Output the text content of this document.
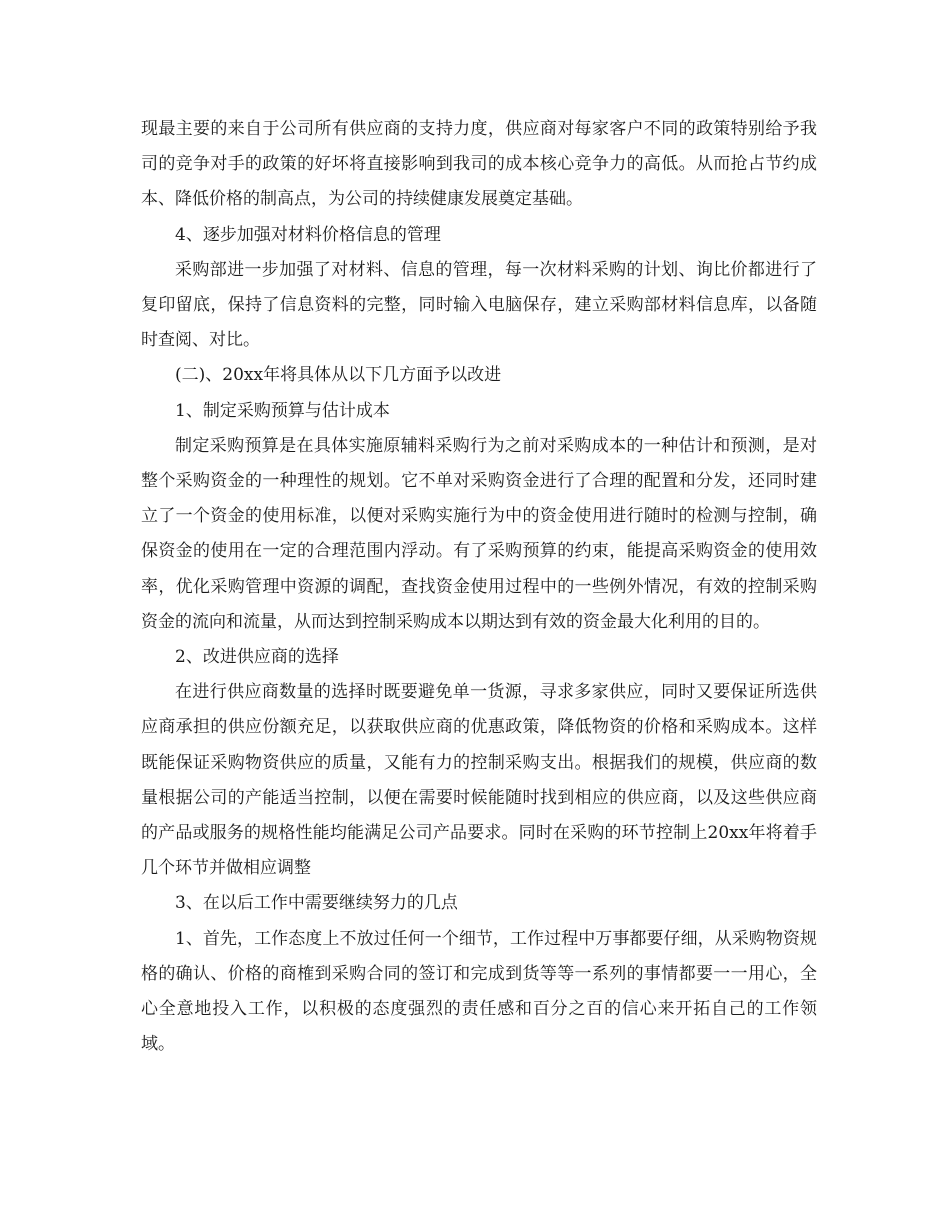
现最主要的来自于公司所有供应商的支持力度，供应商对每家客户不同的政策特别给予我司的竞争对手的政策的好坏将直接影响到我司的成本核心竞争力的高低。从而抢占节约成本、降低价格的制高点，为公司的持续健康发展奠定基础。

4、逐步加强对材料价格信息的管理

采购部进一步加强了对材料、信息的管理，每一次材料采购的计划、询比价都进行了复印留底，保持了信息资料的完整，同时输入电脑保存，建立采购部材料信息库，以备随时查阅、对比。

(二)、20xx年将具体从以下几方面予以改进

1、制定采购预算与估计成本

制定采购预算是在具体实施原辅料采购行为之前对采购成本的一种估计和预测，是对整个采购资金的一种理性的规划。它不单对采购资金进行了合理的配置和分发，还同时建立了一个资金的使用标准，以便对采购实施行为中的资金使用进行随时的检测与控制，确保资金的使用在一定的合理范围内浮动。有了采购预算的约束，能提高采购资金的使用效率，优化采购管理中资源的调配，查找资金使用过程中的一些例外情况，有效的控制采购资金的流向和流量，从而达到控制采购成本以期达到有效的资金最大化利用的目的。

2、改进供应商的选择

在进行供应商数量的选择时既要避免单一货源，寻求多家供应，同时又要保证所选供应商承担的供应份额充足，以获取供应商的优惠政策，降低物资的价格和采购成本。这样既能保证采购物资供应的质量，又能有力的控制采购支出。根据我们的规模，供应商的数量根据公司的产能适当控制，以便在需要时候能随时找到相应的供应商，以及这些供应商的产品或服务的规格性能均能满足公司产品要求。同时在采购的环节控制上20xx年将着手几个环节并做相应调整

3、在以后工作中需要继续努力的几点

1、首先，工作态度上不放过任何一个细节，工作过程中万事都要仔细，从采购物资规格的确认、价格的商榷到采购合同的签订和完成到货等等一系列的事情都要一一用心，全心全意地投入工作，以积极的态度强烈的责任感和百分之百的信心来开拓自己的工作领域。
